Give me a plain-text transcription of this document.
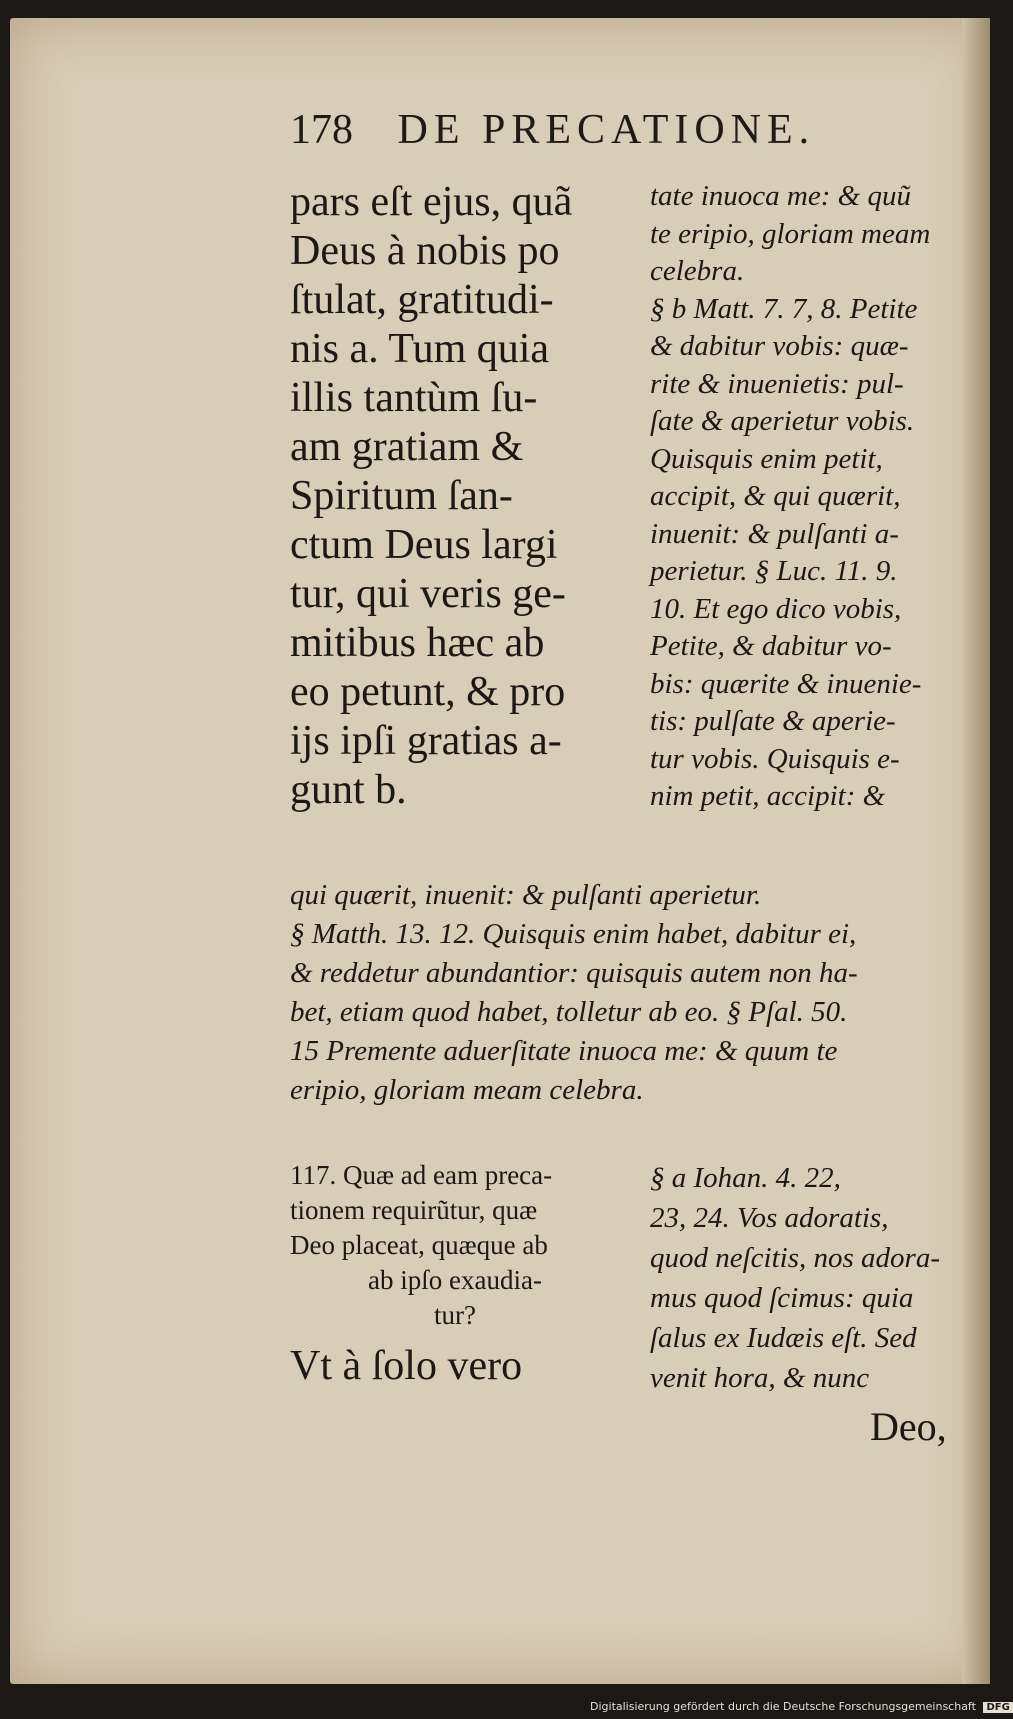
178 DE PRECATIONE.
pars eſt ejus, quã
Deus à nobis po
ſtulat, gratitudi-
nis a. Tum quia
illis tantùm ſu-
am gratiam &
Spiritum ſan-
ctum Deus largi
tur, qui veris ge-
mitibus hæc ab
eo petunt, & pro
ijs ipſi gratias a-
gunt b.
tate inuoca me: & quũ
te eripio, gloriam meam
celebra.
§ b Matt. 7. 7, 8. Petite
& dabitur vobis: quæ-
rite & inuenietis: pul-
ſate & aperietur vobis.
Quisquis enim petit,
accipit, & qui quærit,
inuenit: & pulſanti a-
perietur. § Luc. 11. 9.
10. Et ego dico vobis,
Petite, & dabitur vo-
bis: quærite & inuenie-
tis: pulſate & aperie-
tur vobis. Quisquis e-
nim petit, accipit: &
qui quærit, inuenit: & pulſanti aperietur.
§ Matth. 13. 12. Quisquis enim habet, dabitur ei,
& reddetur abundantior: quisquis autem non ha-
bet, etiam quod habet, tolletur ab eo. § Pſal. 50.
15 Premente aduerſitate inuoca me: & quum te
eripio, gloriam meam celebra.
117. Quæ ad eam preca-
tionem requirũtur, quæ
Deo placeat, quæque ab
ab ipſo exaudia-
tur?
Vt à ſolo vero
§ a Iohan. 4. 22,
23, 24. Vos adoratis,
quod neſcitis, nos adora-
mus quod ſcimus: quia
ſalus ex Iudæis eſt. Sed
venit hora, & nunc
Deo,
Digitalisierung gefördert durch die Deutsche Forschungsgemeinschaft DFG
